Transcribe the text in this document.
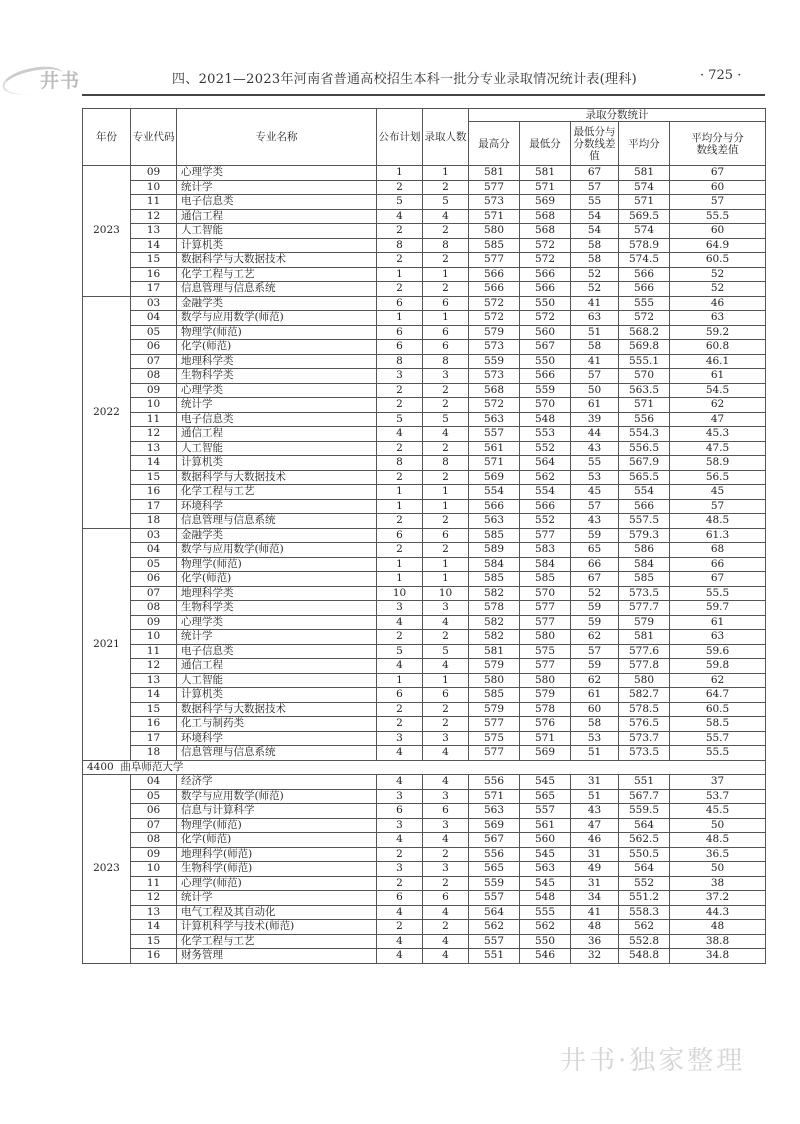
井书	四、2021—2023年河南省普通高校招生本科一批分专业录取情况统计表(理科)	· 725 ·
年份	专业代码	专业名称	公布计划	录取人数	录取分数统计				
					最高分	最低分	最低分与分数线差值	平均分	平均分与分数线差值
2023	09	心理学类	1	1	581	581	67	581	67
	10	统计学	2	2	577	571	57	574	60
	11	电子信息类	5	5	573	569	55	571	57
	12	通信工程	4	4	571	568	54	569.5	55.5
	13	人工智能	2	2	580	568	54	574	60
	14	计算机类	8	8	585	572	58	578.9	64.9
	15	数据科学与大数据技术	2	2	577	572	58	574.5	60.5
	16	化学工程与工艺	1	1	566	566	52	566	52
	17	信息管理与信息系统	2	2	566	566	52	566	52
2022	03	金融学类	6	6	572	550	41	555	46
	04	数学与应用数学(师范)	1	1	572	572	63	572	63
	05	物理学(师范)	6	6	579	560	51	568.2	59.2
	06	化学(师范)	6	6	573	567	58	569.8	60.8
	07	地理科学类	8	8	559	550	41	555.1	46.1
	08	生物科学类	3	3	573	566	57	570	61
	09	心理学类	2	2	568	559	50	563.5	54.5
	10	统计学	2	2	572	570	61	571	62
	11	电子信息类	5	5	563	548	39	556	47
	12	通信工程	4	4	557	553	44	554.3	45.3
	13	人工智能	2	2	561	552	43	556.5	47.5
	14	计算机类	8	8	571	564	55	567.9	58.9
	15	数据科学与大数据技术	2	2	569	562	53	565.5	56.5
	16	化学工程与工艺	1	1	554	554	45	554	45
	17	环境科学	1	1	566	566	57	566	57
	18	信息管理与信息系统	2	2	563	552	43	557.5	48.5
2021	03	金融学类	6	6	585	577	59	579.3	61.3
	04	数学与应用数学(师范)	2	2	589	583	65	586	68
	05	物理学(师范)	1	1	584	584	66	584	66
	06	化学(师范)	1	1	585	585	67	585	67
	07	地理科学类	10	10	582	570	52	573.5	55.5
	08	生物科学类	3	3	578	577	59	577.7	59.7
	09	心理学类	4	4	582	577	59	579	61
	10	统计学	2	2	582	580	62	581	63
	11	电子信息类	5	5	581	575	57	577.6	59.6
	12	通信工程	4	4	579	577	59	577.8	59.8
	13	人工智能	1	1	580	580	62	580	62
	14	计算机类	6	6	585	579	61	582.7	64.7
	15	数据科学与大数据技术	2	2	579	578	60	578.5	60.5
	16	化工与制药类	2	2	577	576	58	576.5	58.5
	17	环境科学	3	3	575	571	53	573.7	55.7
	18	信息管理与信息系统	4	4	577	569	51	573.5	55.5
4400 曲阜师范大学									
2023	04	经济学	4	4	556	545	31	551	37
	05	数学与应用数学(师范)	3	3	571	565	51	567.7	53.7
	06	信息与计算科学	6	6	563	557	43	559.5	45.5
	07	物理学(师范)	3	3	569	561	47	564	50
	08	化学(师范)	4	4	567	560	46	562.5	48.5
	09	地理科学(师范)	2	2	556	545	31	550.5	36.5
	10	生物科学(师范)	3	3	565	563	49	564	50
	11	心理学(师范)	2	2	559	545	31	552	38
	12	统计学	6	6	557	548	34	551.2	37.2
	13	电气工程及其自动化	4	4	564	555	41	558.3	44.3
	14	计算机科学与技术(师范)	2	2	562	562	48	562	48
	15	化学工程与工艺	4	4	557	550	36	552.8	38.8
	16	财务管理	4	4	551	546	32	548.8	34.8
井书·独家整理
